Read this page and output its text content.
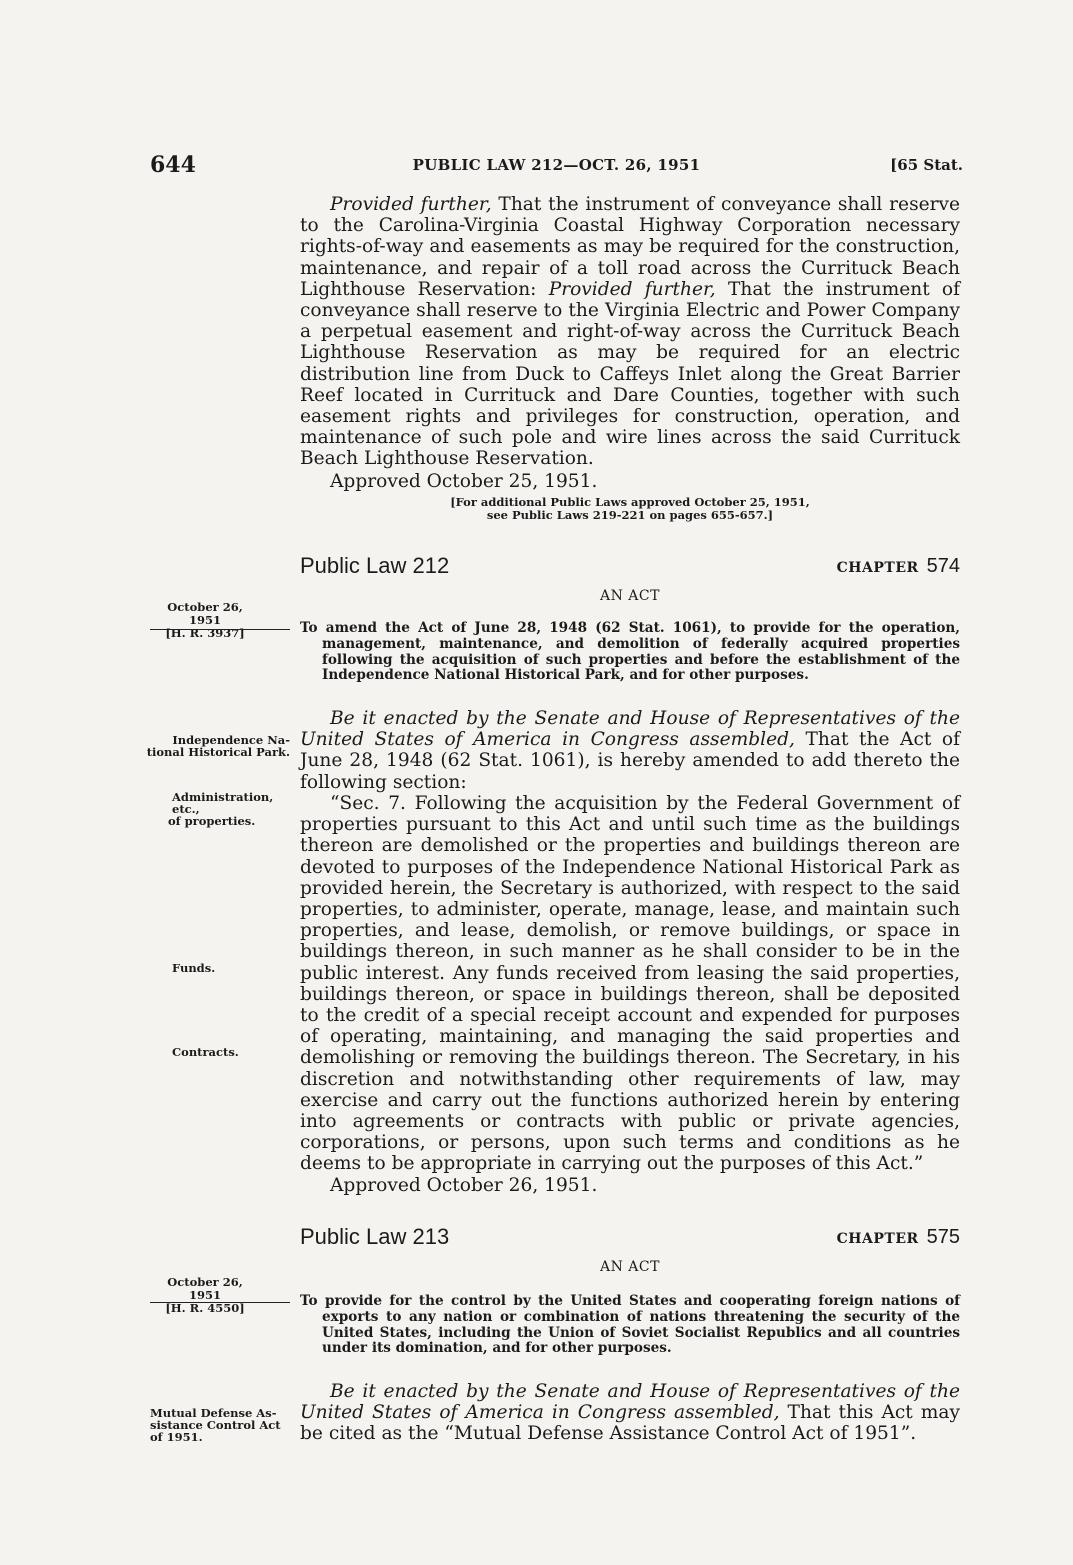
644	PUBLIC LAW 212—OCT. 26, 1951	[65 Stat.

Provided further, That the instrument of conveyance shall reserve to the Carolina-Virginia Coastal Highway Corporation necessary rights-of-way and easements as may be required for the construction, maintenance, and repair of a toll road across the Currituck Beach Lighthouse Reservation: Provided further, That the instrument of conveyance shall reserve to the Virginia Electric and Power Company a perpetual easement and right-of-way across the Currituck Beach Lighthouse Reservation as may be required for an electric distribution line from Duck to Caffeys Inlet along the Great Barrier Reef located in Currituck and Dare Counties, together with such easement rights and privileges for construction, operation, and maintenance of such pole and wire lines across the said Currituck Beach Lighthouse Reservation.

Approved October 25, 1951.

[For additional Public Laws approved October 25, 1951,
see Public Laws 219-221 on pages 655-657.]
Public Law 212	CHAPTER 574
AN ACT
October 26, 1951
[H. R. 3937]	To amend the Act of June 28, 1948 (62 Stat. 1061), to provide for the operation, management, maintenance, and demolition of federally acquired properties following the acquisition of such properties and before the establishment of the Independence National Historical Park, and for other purposes.

Be it enacted by the Senate and House of Representatives of the United States of America in Congress assembled, That the Act of June 28, 1948 (62 Stat. 1061), is hereby amended to add thereto the following section:

“Sec. 7. Following the acquisition by the Federal Government of properties pursuant to this Act and until such time as the buildings thereon are demolished or the properties and buildings thereon are devoted to purposes of the Independence National Historical Park as provided herein, the Secretary is authorized, with respect to the said properties, to administer, operate, manage, lease, and maintain such properties, and lease, demolish, or remove buildings, or space in buildings thereon, in such manner as he shall consider to be in the public interest. Any funds received from leasing the said properties, buildings thereon, or space in buildings thereon, shall be deposited to the credit of a special receipt account and expended for purposes of operating, maintaining, and managing the said properties and demolishing or removing the buildings thereon. The Secretary, in his discretion and notwithstanding other requirements of law, may exercise and carry out the functions authorized herein by entering into agreements or contracts with public or private agencies, corporations, or persons, upon such terms and conditions as he deems to be appropriate in carrying out the purposes of this Act.”

Approved October 26, 1951.

Independence Na-
tional Historical Park.
Administration, etc.,
of properties.
Funds.
Contracts.
Public Law 213	CHAPTER 575
AN ACT
October 26, 1951
[H. R. 4550]	To provide for the control by the United States and cooperating foreign nations of exports to any nation or combination of nations threatening the security of the United States, including the Union of Soviet Socialist Republics and all countries under its domination, and for other purposes.

Be it enacted by the Senate and House of Representatives of the United States of America in Congress assembled, That this Act may be cited as the “Mutual Defense Assistance Control Act of 1951”.

Mutual Defense As-
sistance Control Act
of 1951.
